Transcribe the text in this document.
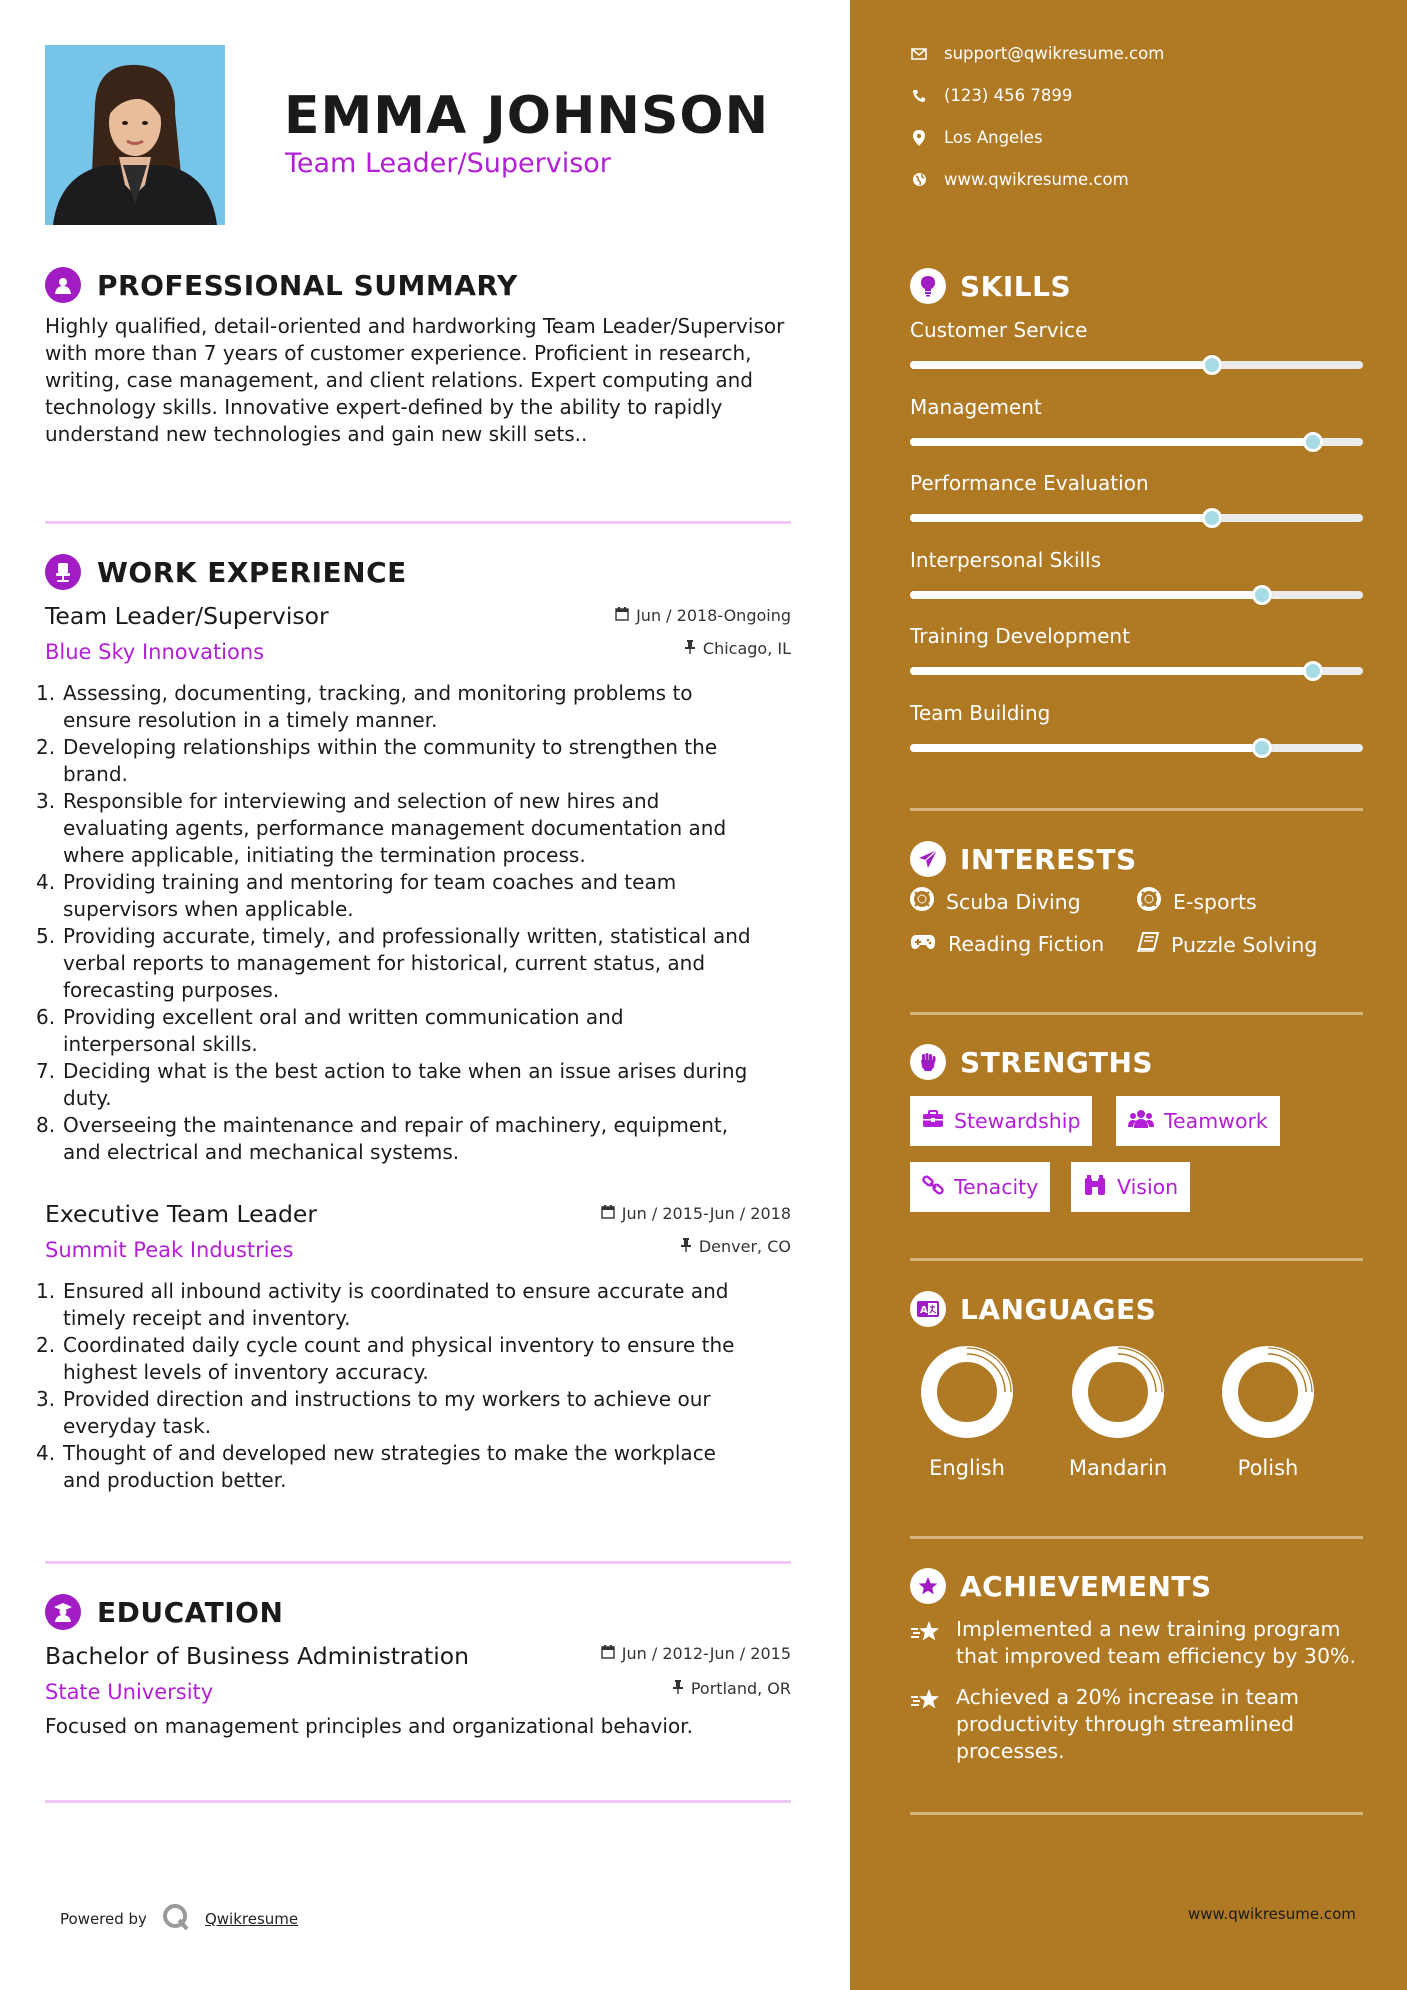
EMMA JOHNSON
Team Leader/Supervisor
PROFESSIONAL SUMMARY
Highly qualified, detail-oriented and hardworking Team Leader/Supervisor with more than 7 years of customer experience. Proficient in research, writing, case management, and client relations. Expert computing and technology skills. Innovative expert-defined by the ability to rapidly understand new technologies and gain new skill sets..
WORK EXPERIENCE
Team Leader/Supervisor
Blue Sky Innovations
Jun / 2018-Ongoing
Chicago, IL
1. Assessing, documenting, tracking, and monitoring problems to
ensure resolution in a timely manner.
2. Developing relationships within the community to strengthen the
brand.
3. Responsible for interviewing and selection of new hires and
evaluating agents, performance management documentation and
where applicable, initiating the termination process.
4. Providing training and mentoring for team coaches and team
supervisors when applicable.
5. Providing accurate, timely, and professionally written, statistical and
verbal reports to management for historical, current status, and
forecasting purposes.
6. Providing excellent oral and written communication and
interpersonal skills.
7. Deciding what is the best action to take when an issue arises during
duty.
8. Overseeing the maintenance and repair of machinery, equipment,
and electrical and mechanical systems.
Executive Team Leader
Summit Peak Industries
Jun / 2015-Jun / 2018
Denver, CO
1. Ensured all inbound activity is coordinated to ensure accurate and
timely receipt and inventory.
2. Coordinated daily cycle count and physical inventory to ensure the
highest levels of inventory accuracy.
3. Provided direction and instructions to my workers to achieve our
everyday task.
4. Thought of and developed new strategies to make the workplace
and production better.
EDUCATION
Bachelor of Business Administration
State University
Jun / 2012-Jun / 2015
Portland, OR
Focused on management principles and organizational behavior.
Powered by	Qwikresume
support@qwikresume.com
(123) 456 7899
Los Angeles
www.qwikresume.com
SKILLS
Customer Service
Management
Performance Evaluation
Interpersonal Skills
Training Development
Team Building
INTERESTS
Scuba Diving	E-sports
Reading Fiction	Puzzle Solving
STRENGTHS
Stewardship	Teamwork
Tenacity	Vision
A LANGUAGES
English	Mandarin	Polish
ACHIEVEMENTS
Implemented a new training program
that improved team efficiency by 30%.
Achieved a 20% increase in team
productivity through streamlined
processes.
www.qwikresume.com
